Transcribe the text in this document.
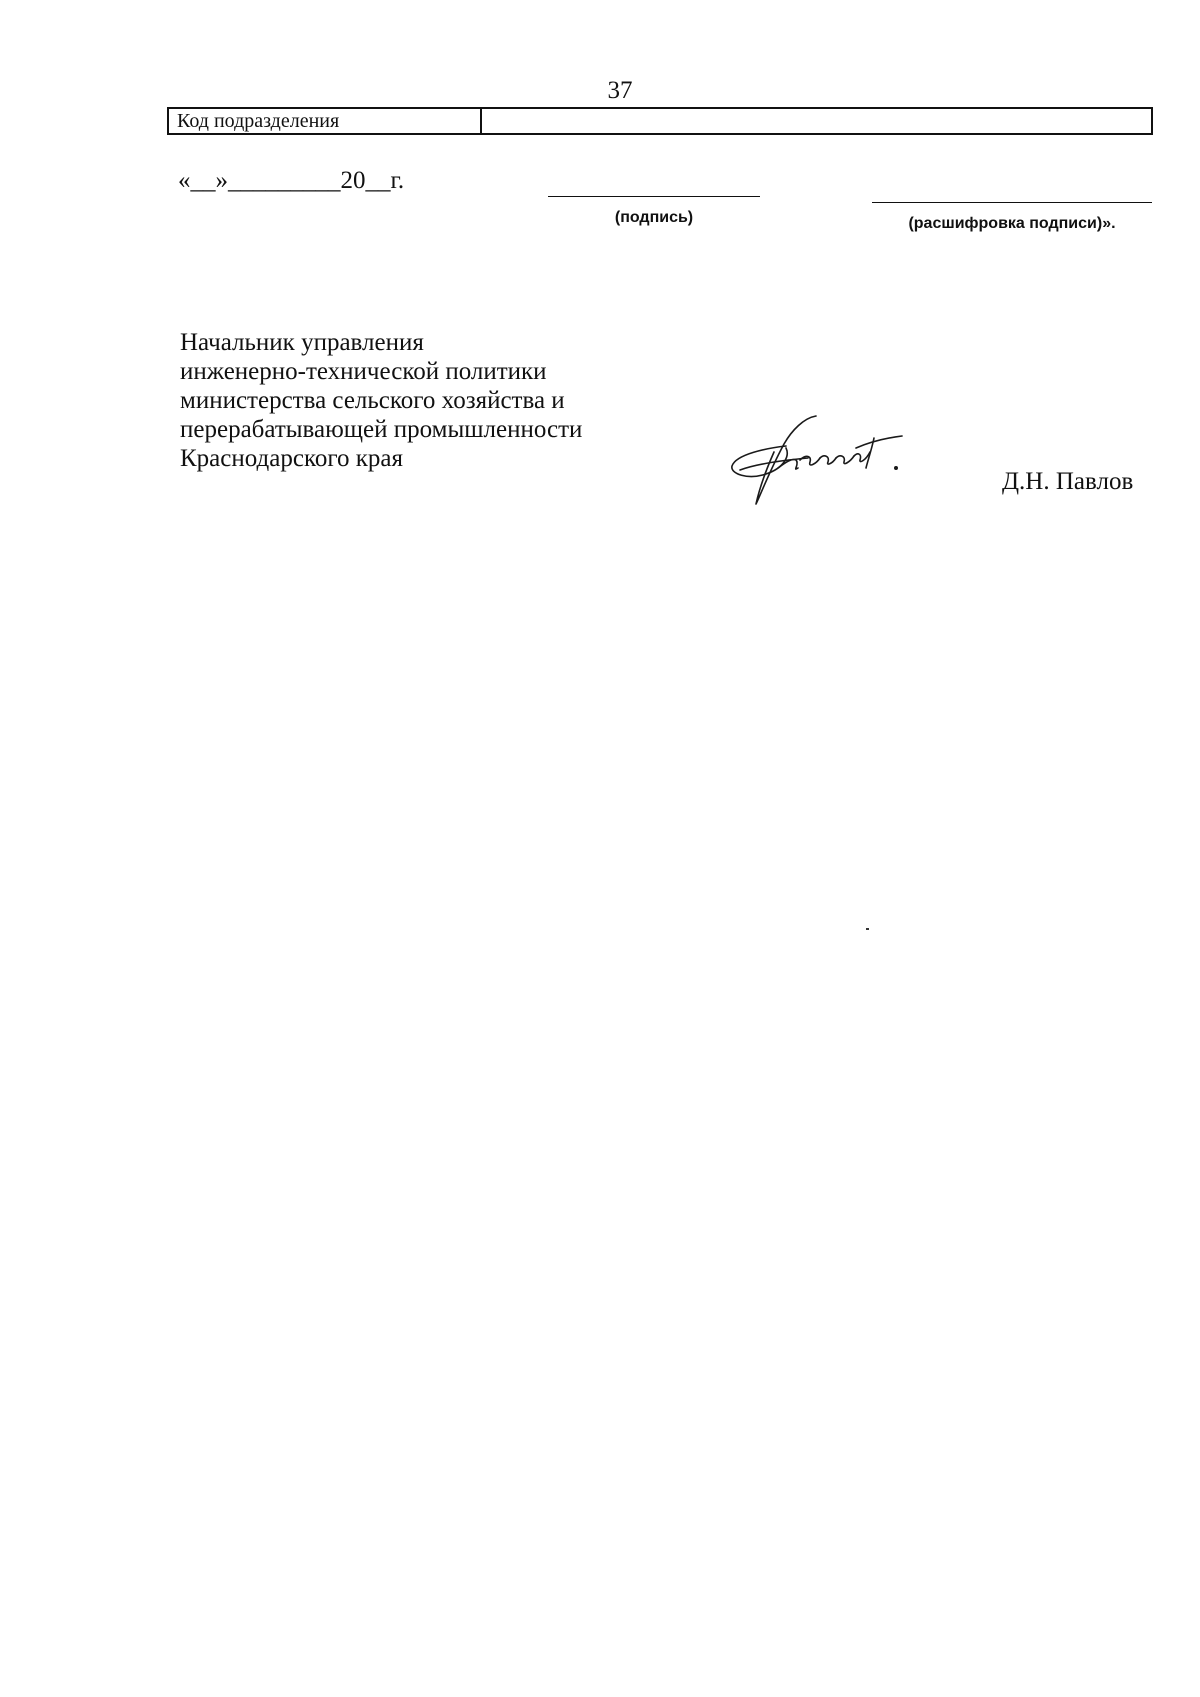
37
Код подразделения
«__»_________20__г.
(подпись)	(расшифровка подписи)».
Начальник управления
инженерно-технической политики
министерства сельского хозяйства и
перерабатывающей промышленности
Краснодарского края
Д.Н. Павлов
